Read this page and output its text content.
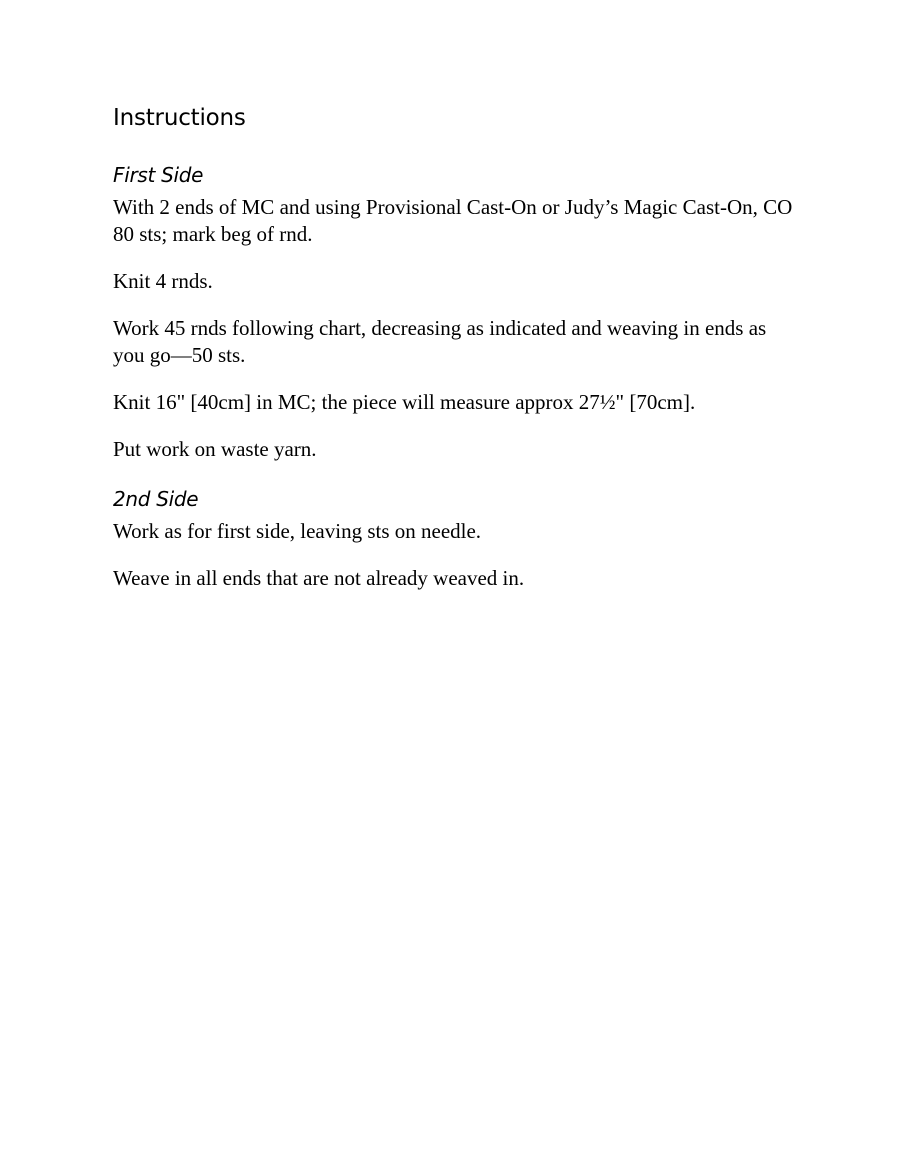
Instructions
First Side

With 2 ends of MC and using Provisional Cast-On or Judy’s Magic Cast-On, CO 80 sts; mark beg of rnd.

Knit 4 rnds.

Work 45 rnds following chart, decreasing as indicated and weaving in ends as you go—50 sts.

Knit 16" [40cm] in MC; the piece will measure approx 27½" [70cm].

Put work on waste yarn.

2nd Side

Work as for first side, leaving sts on needle.

Weave in all ends that are not already weaved in.
